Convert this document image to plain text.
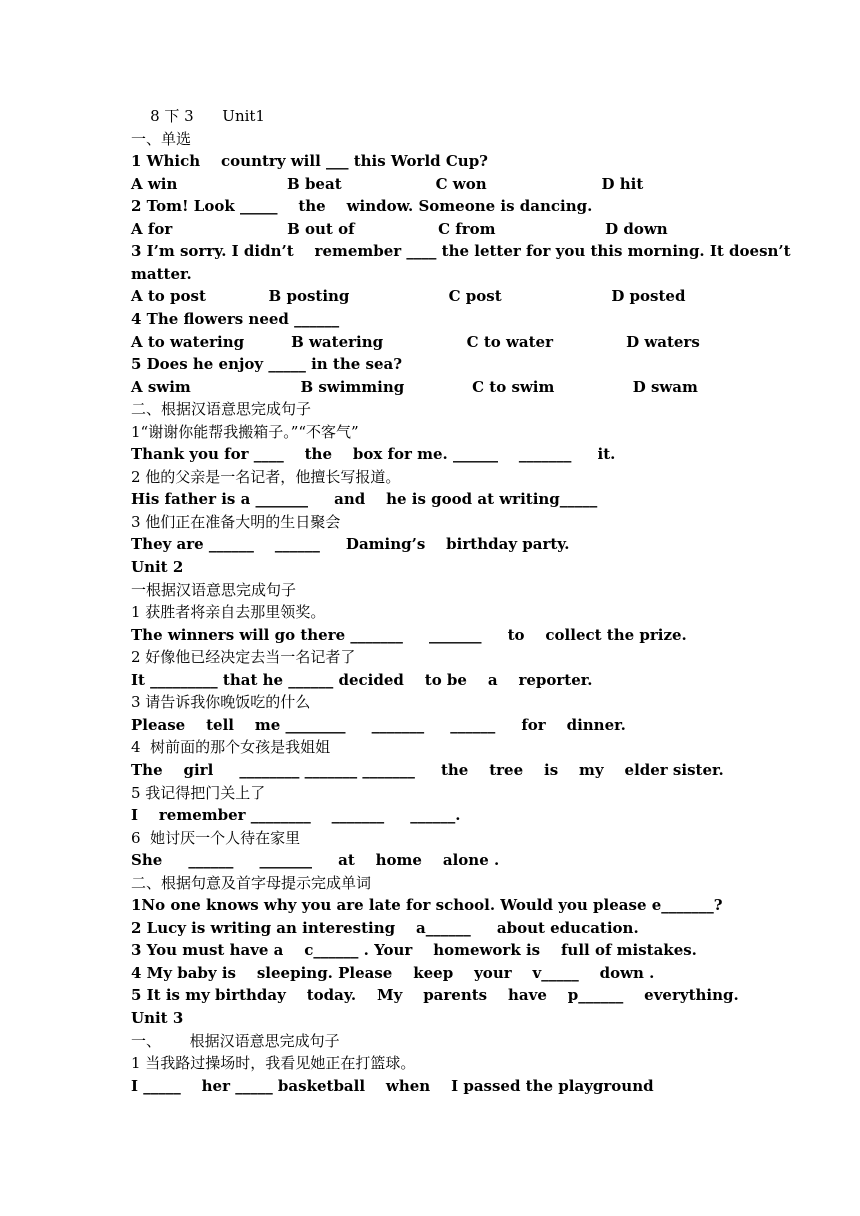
8 下 3      Unit1
一、单选
1 Which    country will ___ this World Cup?
A win                     B beat                  C won                      D hit
2 Tom! Look _____    the    window. Someone is dancing.
A for                      B out of                C from                     D down
3 I’m sorry. I didn’t    remember ____ the letter for you this morning. It doesn’t
matter.
A to post            B posting                   C post                     D posted
4 The flowers need ______
A to watering         B watering                C to water              D waters
5 Does he enjoy _____ in the sea?
A swim                     B swimming             C to swim               D swam
二、根据汉语意思完成句子
1“谢谢你能帮我搬箱子。”“不客气”
Thank you for ____    the    box for me. ______    _______     it.
2 他的父亲是一名记者，他擅长写报道。
His father is a _______     and    he is good at writing_____
3 他们正在准备大明的生日聚会
They are ______    ______     Daming’s    birthday party.
Unit 2
一根据汉语意思完成句子
1 获胜者将亲自去那里领奖。
The winners will go there _______     _______     to    collect the prize.
2 好像他已经决定去当一名记者了
It _________ that he ______ decided    to be    a    reporter.
3 请告诉我你晚饭吃的什么
Please    tell    me ________     _______     ______     for    dinner.
4  树前面的那个女孩是我姐姐
The    girl     ________ _______ _______     the    tree    is    my    elder sister.
5 我记得把门关上了
I    remember ________    _______     ______.
6  她讨厌一个人待在家里
She     ______     _______     at    home    alone .
二、根据句意及首字母提示完成单词
1No one knows why you are late for school. Would you please e_______?
2 Lucy is writing an interesting    a______     about education.
3 You must have a    c______ . Your    homework is    full of mistakes.
4 My baby is    sleeping. Please    keep    your    v_____    down .
5 It is my birthday    today.    My    parents    have    p______    everything.
Unit 3
一、      根据汉语意思完成句子
1 当我路过操场时，我看见她正在打篮球。
I _____    her _____ basketball    when    I passed the playground
